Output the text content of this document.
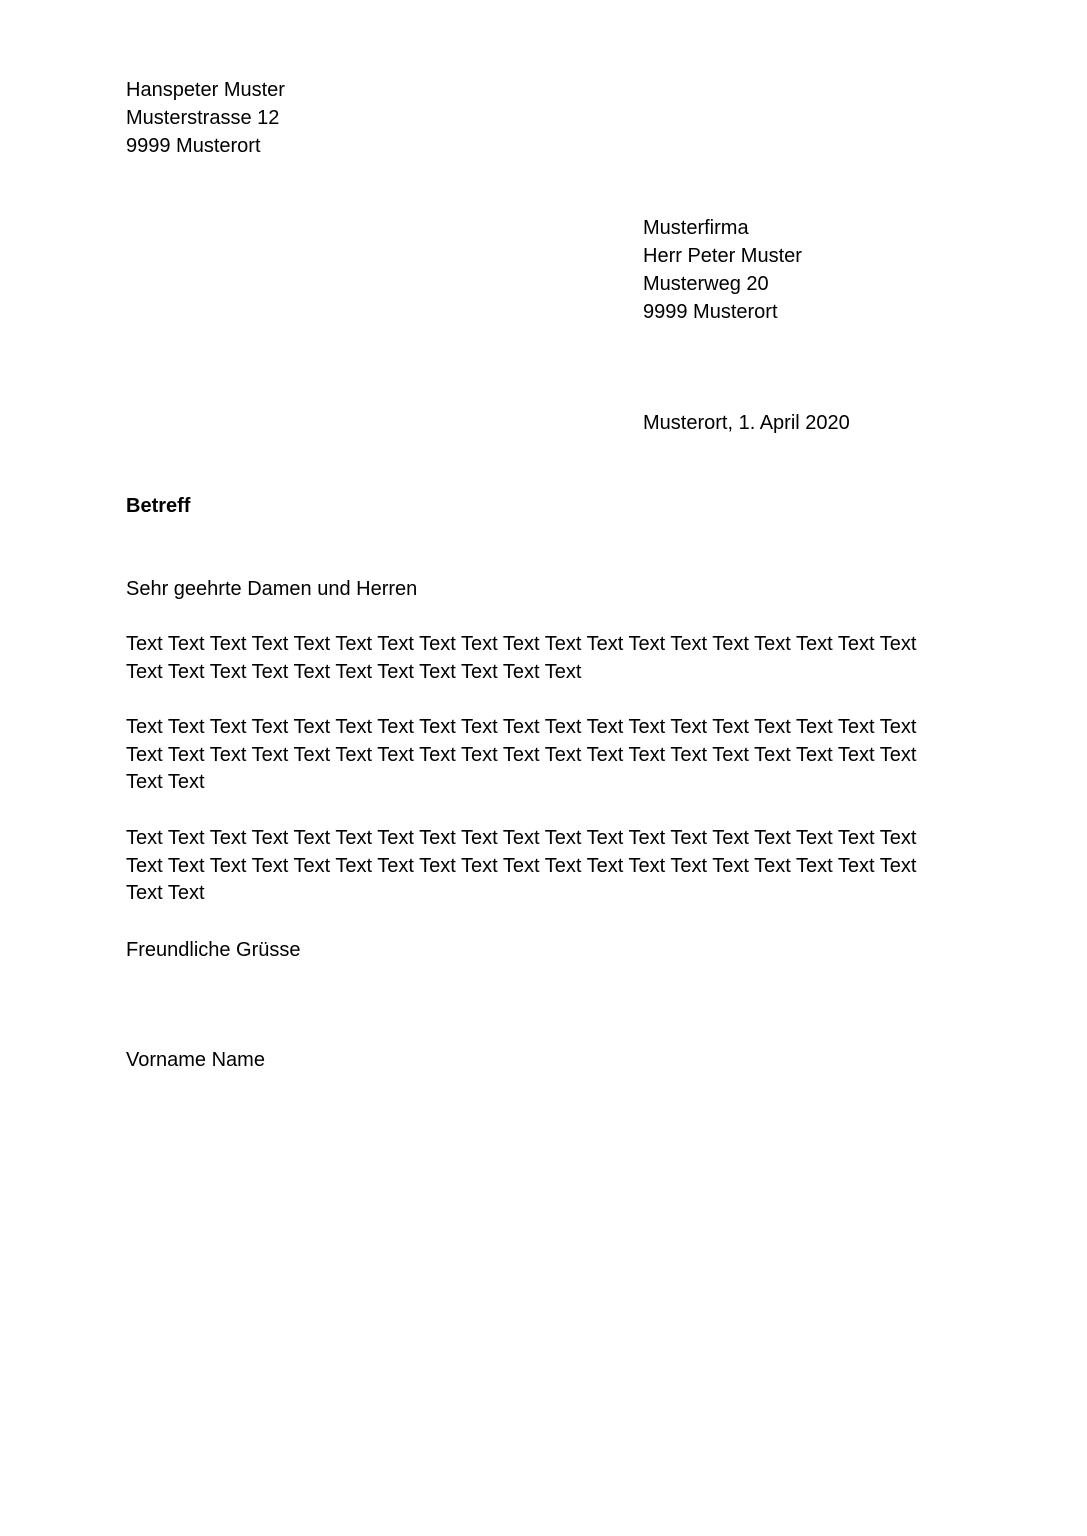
Hanspeter Muster
Musterstrasse 12
9999 Musterort
Musterfirma
Herr Peter Muster
Musterweg 20
9999 Musterort
Musterort, 1. April 2020
Betreff
Sehr geehrte Damen und Herren
Text Text Text Text Text Text Text Text Text Text Text Text Text Text Text Text Text Text Text
Text Text Text Text Text Text Text Text Text Text Text
Text Text Text Text Text Text Text Text Text Text Text Text Text Text Text Text Text Text Text
Text Text Text Text Text Text Text Text Text Text Text Text Text Text Text Text Text Text Text
Text Text
Text Text Text Text Text Text Text Text Text Text Text Text Text Text Text Text Text Text Text
Text Text Text Text Text Text Text Text Text Text Text Text Text Text Text Text Text Text Text
Text Text
Freundliche Grüsse
Vorname Name
